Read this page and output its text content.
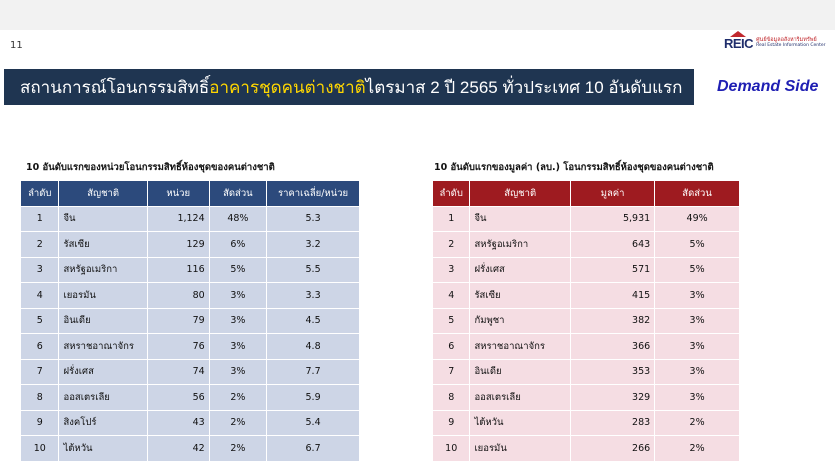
11	REIC ศูนย์ข้อมูลอสังหาริมทรัพย์
Real Estate Information Center
สถานการณ์โอนกรรมสิทธิ์ อาคารชุดคนต่างชาติ ไตรมาส 2 ปี 2565 ทั่วประเทศ 10 อันดับแรก Demand Side
10 อันดับแรกของหน่วยโอนกรรมสิทธิ์ห้องชุดของคนต่างชาติ
ลำดับ	สัญชาติ	หน่วย	สัดส่วน	ราคาเฉลี่ย/หน่วย
1	จีน	1,124	48%	5.3
2	รัสเซีย	129	6%	3.2
3	สหรัฐอเมริกา	116	5%	5.5
4	เยอรมัน	80	3%	3.3
5	อินเดีย	79	3%	4.5
6	สหราชอาณาจักร	76	3%	4.8
7	ฝรั่งเศส	74	3%	7.7
8	ออสเตรเลีย	56	2%	5.9
9	สิงคโปร์	43	2%	5.4
10	ไต้หวัน	42	2%	6.7
10 อันดับแรกของมูลค่า (ลบ.) โอนกรรมสิทธิ์ห้องชุดของคนต่างชาติ
ลำดับ	สัญชาติ	มูลค่า	สัดส่วน
1	จีน	5,931	49%
2	สหรัฐอเมริกา	643	5%
3	ฝรั่งเศส	571	5%
4	รัสเซีย	415	3%
5	กัมพูชา	382	3%
6	สหราชอาณาจักร	366	3%
7	อินเดีย	353	3%
8	ออสเตรเลีย	329	3%
9	ไต้หวัน	283	2%
10	เยอรมัน	266	2%
